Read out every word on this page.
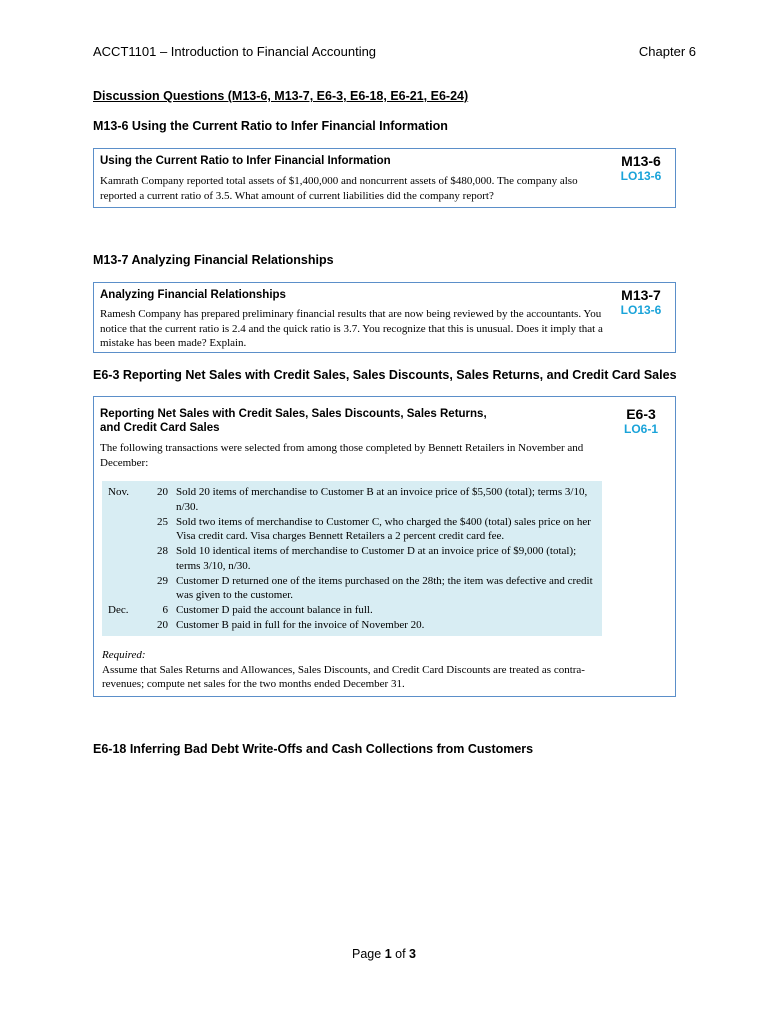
ACCT1101 – Introduction to Financial Accounting	Chapter 6
Discussion Questions (M13-6, M13-7, E6-3, E6-18, E6-21, E6-24)
M13-6 Using the Current Ratio to Infer Financial Information
Using the Current Ratio to Infer Financial Information	M13-6
LO13-6
Kamrath Company reported total assets of $1,400,000 and noncurrent assets of $480,000. The company also reported a current ratio of 3.5. What amount of current liabilities did the company report?
M13-7 Analyzing Financial Relationships
Analyzing Financial Relationships	M13-7
LO13-6
Ramesh Company has prepared preliminary financial results that are now being reviewed by the accountants. You notice that the current ratio is 2.4 and the quick ratio is 3.7. You recognize that this is unusual. Does it imply that a mistake has been made? Explain.
E6-3 Reporting Net Sales with Credit Sales, Sales Discounts, Sales Returns, and Credit Card Sales
Reporting Net Sales with Credit Sales, Sales Discounts, Sales Returns,
and Credit Card Sales
E6-3
LO6-1
The following transactions were selected from among those completed by Bennett Retailers in November and December:
Nov.	20 Sold 20 items of merchandise to Customer B at an invoice price of $5,500 (total); terms 3/10, n/30.
25 Sold two items of merchandise to Customer C, who charged the $400 (total) sales price on her Visa credit card. Visa charges Bennett Retailers a 2 percent credit card fee.
28 Sold 10 identical items of merchandise to Customer D at an invoice price of $9,000 (total); terms 3/10, n/30.
29 Customer D returned one of the items purchased on the 28th; the item was defective and credit was given to the customer.
Dec.	6 Customer D paid the account balance in full.
20 Customer B paid in full for the invoice of November 20.
Required:
Assume that Sales Returns and Allowances, Sales Discounts, and Credit Card Discounts are treated as contra-revenues; compute net sales for the two months ended December 31.
E6-18 Inferring Bad Debt Write-Offs and Cash Collections from Customers
Page 1 of 3
